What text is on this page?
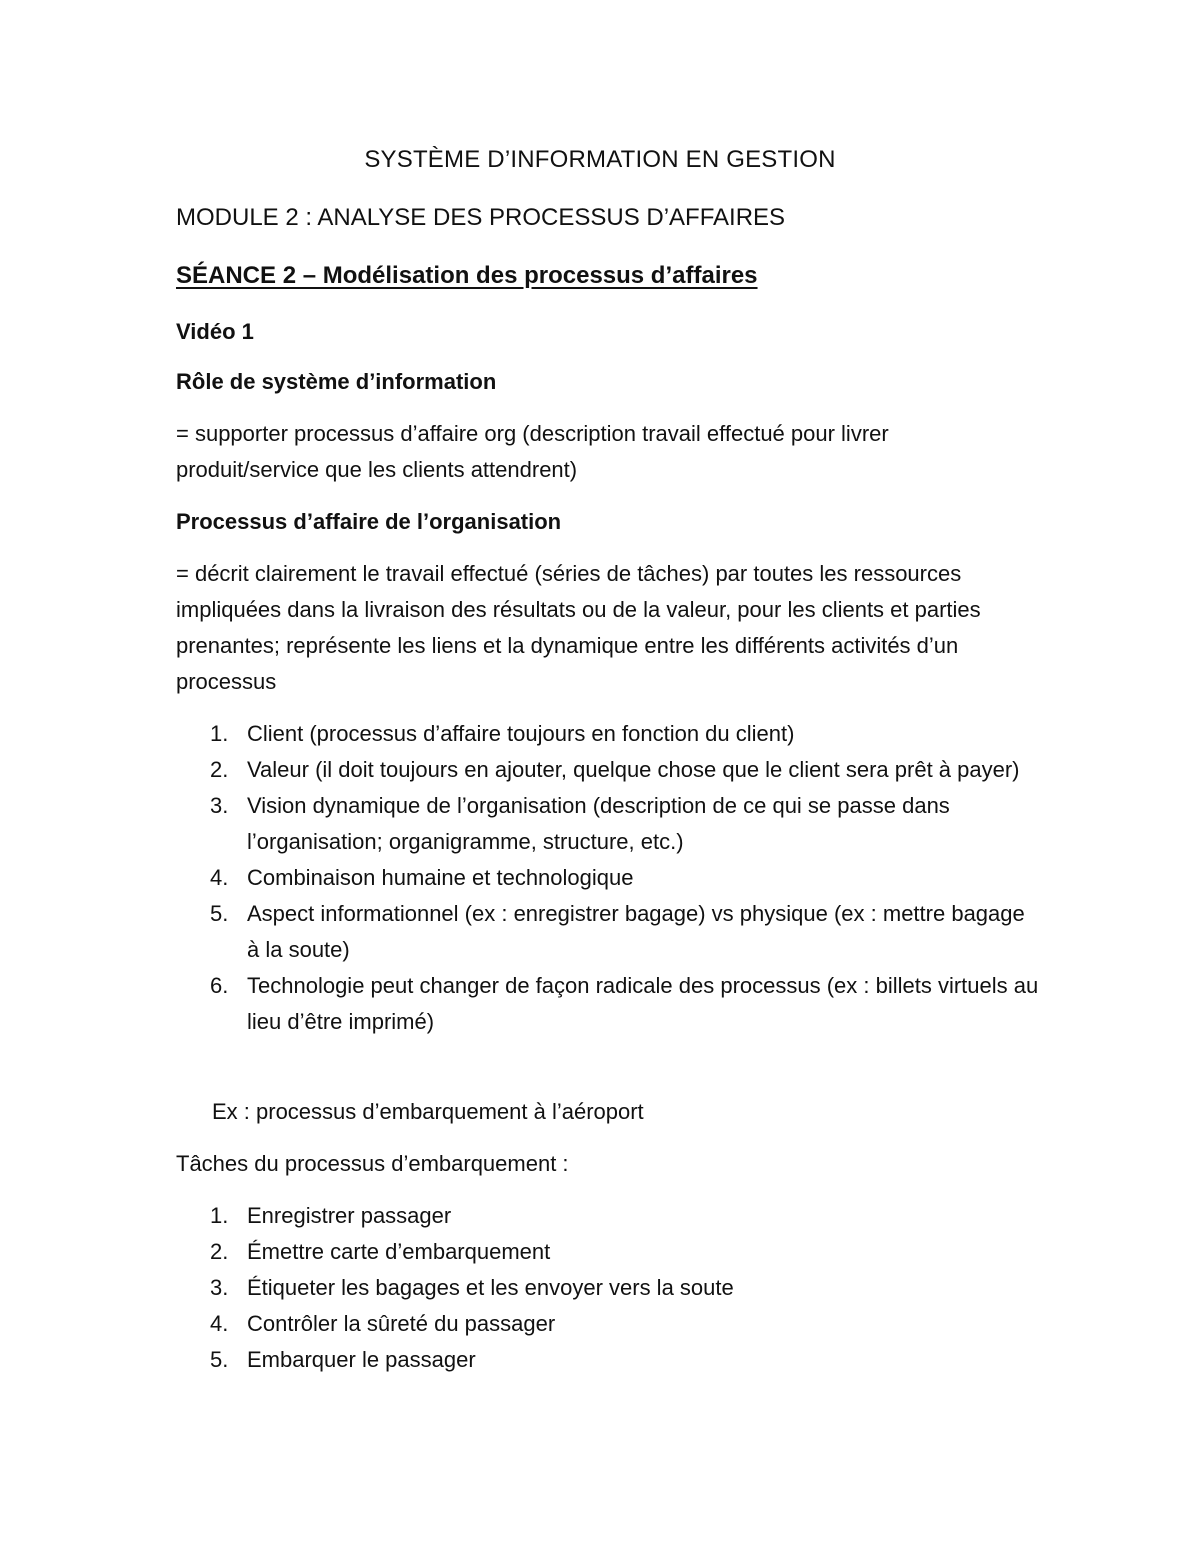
SYSTÈME D’INFORMATION EN GESTION
MODULE 2 : ANALYSE DES PROCESSUS D’AFFAIRES
SÉANCE 2 – Modélisation des processus d’affaires

Vidéo 1

Rôle de système d’information

= supporter processus d’affaire org (description travail effectué pour livrer produit/service que les clients attendrent)

Processus d’affaire de l’organisation

= décrit clairement le travail effectué (séries de tâches) par toutes les ressources impliquées dans la livraison des résultats ou de la valeur, pour les clients et parties prenantes; représente les liens et la dynamique entre les différents activités d’un processus

1. Client (processus d’affaire toujours en fonction du client)
2. Valeur (il doit toujours en ajouter, quelque chose que le client sera prêt à payer)
3. Vision dynamique de l’organisation (description de ce qui se passe dans l’organisation; organigramme, structure, etc.)
4. Combinaison humaine et technologique
5. Aspect informationnel (ex : enregistrer bagage) vs physique (ex : mettre bagage à la soute)
6. Technologie peut changer de façon radicale des processus (ex : billets virtuels au lieu d’être imprimé)

Ex : processus d’embarquement à l’aéroport

Tâches du processus d’embarquement :

1. Enregistrer passager
2. Émettre carte d’embarquement
3. Étiqueter les bagages et les envoyer vers la soute
4. Contrôler la sûreté du passager
5. Embarquer le passager
